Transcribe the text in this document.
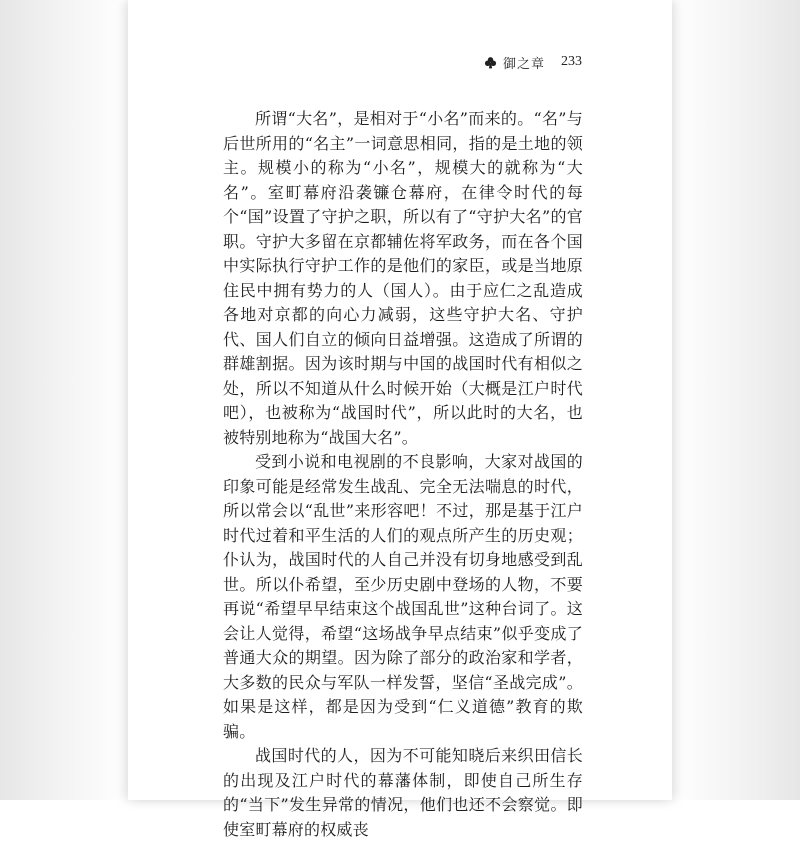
御之章 233

所谓“大名”，是相对于“小名”而来的。“名”与后世所用的“名主”一词意思相同，指的是土地的领主。规模小的称为“小名”，规模大的就称为“大名”。室町幕府沿袭镰仓幕府，在律令时代的每个“国”设置了守护之职，所以有了“守护大名”的官职。守护大多留在京都辅佐将军政务，而在各个国中实际执行守护工作的是他们的家臣，或是当地原住民中拥有势力的人（国人）。由于应仁之乱造成各地对京都的向心力减弱，这些守护大名、守护代、国人们自立的倾向日益增强。这造成了所谓的群雄割据。因为该时期与中国的战国时代有相似之处，所以不知道从什么时候开始（大概是江户时代吧），也被称为“战国时代”，所以此时的大名，也被特别地称为“战国大名”。

受到小说和电视剧的不良影响，大家对战国的印象可能是经常发生战乱、完全无法喘息的时代，所以常会以“乱世”来形容吧！不过，那是基于江户时代过着和平生活的人们的观点所产生的历史观；仆认为，战国时代的人自己并没有切身地感受到乱世。所以仆希望，至少历史剧中登场的人物，不要再说“希望早早结束这个战国乱世”这种台词了。这会让人觉得，希望“这场战争早点结束”似乎变成了普通大众的期望。因为除了部分的政治家和学者，大多数的民众与军队一样发誓，坚信“圣战完成”。如果是这样，都是因为受到“仁义道德”教育的欺骗。

战国时代的人，因为不可能知晓后来织田信长的出现及江户时代的幕藩体制，即使自己所生存的“当下”发生异常的情况，他们也还不会察觉。即使室町幕府的权威丧
